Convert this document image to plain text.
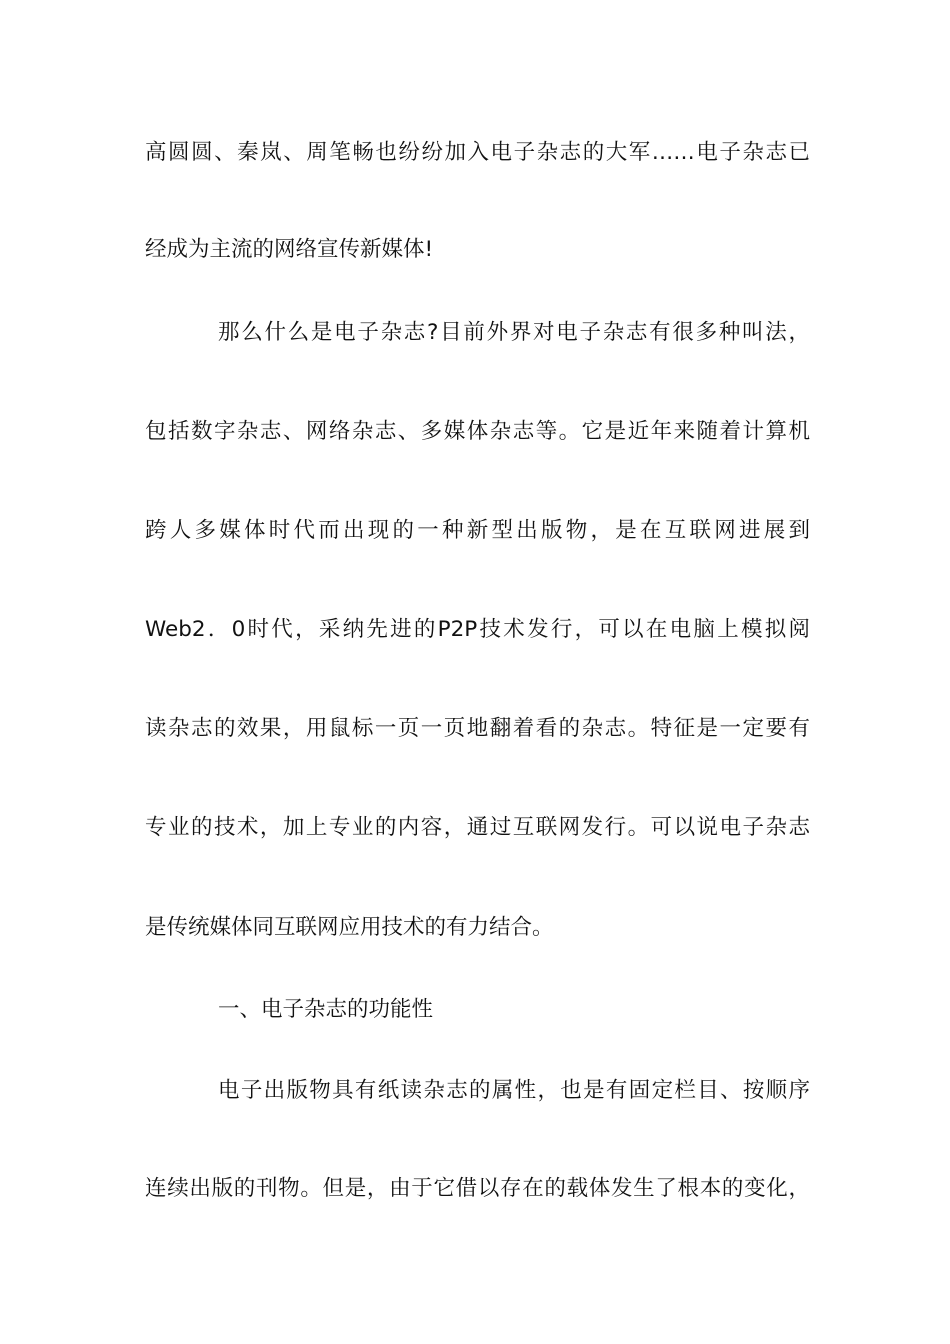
高圆圆、秦岚、周笔畅也纷纷加入电子杂志的大军……电子杂志已
经成为主流的网络宣传新媒体!
那么什么是电子杂志?目前外界对电子杂志有很多种叫法，
包括数字杂志、网络杂志、多媒体杂志等。它是近年来随着计算机
跨人多媒体时代而出现的一种新型出版物，是在互联网进展到
Web2．0时代，采纳先进的P2P技术发行，可以在电脑上模拟阅
读杂志的效果，用鼠标一页一页地翻着看的杂志。特征是一定要有
专业的技术，加上专业的内容，通过互联网发行。可以说电子杂志
是传统媒体同互联网应用技术的有力结合。
一、电子杂志的功能性
电子出版物具有纸读杂志的属性，也是有固定栏目、按顺序
连续出版的刊物。但是，由于它借以存在的载体发生了根本的变化，
